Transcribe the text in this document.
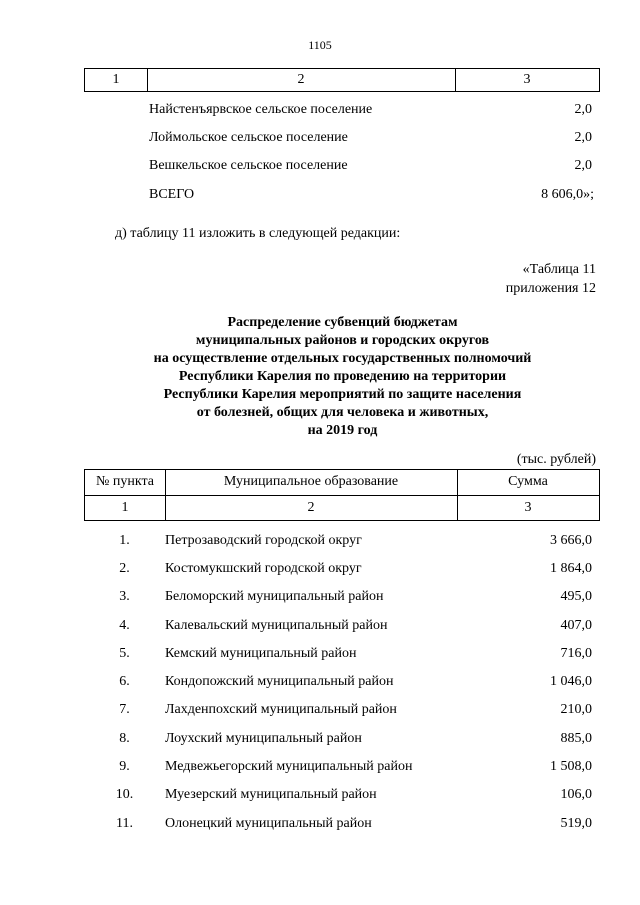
1105
1	2	3
Найстенъярвское сельское поселение	2,0
Лоймольское сельское поселение	2,0
Вешкельское сельское поселение	2,0
ВСЕГО	8 606,0»;
д) таблицу 11 изложить в следующей редакции:
«Таблица 11
приложения 12
Распределение субвенций бюджетам
муниципальных районов и городских округов
на осуществление отдельных государственных полномочий
Республики Карелия по проведению на территории
Республики Карелия мероприятий по защите населения
от болезней, общих для человека и животных,
на 2019 год
(тыс. рублей)
№ пункта	Муниципальное образование	Сумма
1	2	3
1.	Петрозаводский городской округ	3 666,0
2.	Костомукшский городской округ	1 864,0
3.	Беломорский муниципальный район	495,0
4.	Калевальский муниципальный район	407,0
5.	Кемский муниципальный район	716,0
6.	Кондопожский муниципальный район	1 046,0
7.	Лахденпохский муниципальный район	210,0
8.	Лоухский муниципальный район	885,0
9.	Медвежьегорский муниципальный район	1 508,0
10.	Муезерский муниципальный район	106,0
11.	Олонецкий муниципальный район	519,0
